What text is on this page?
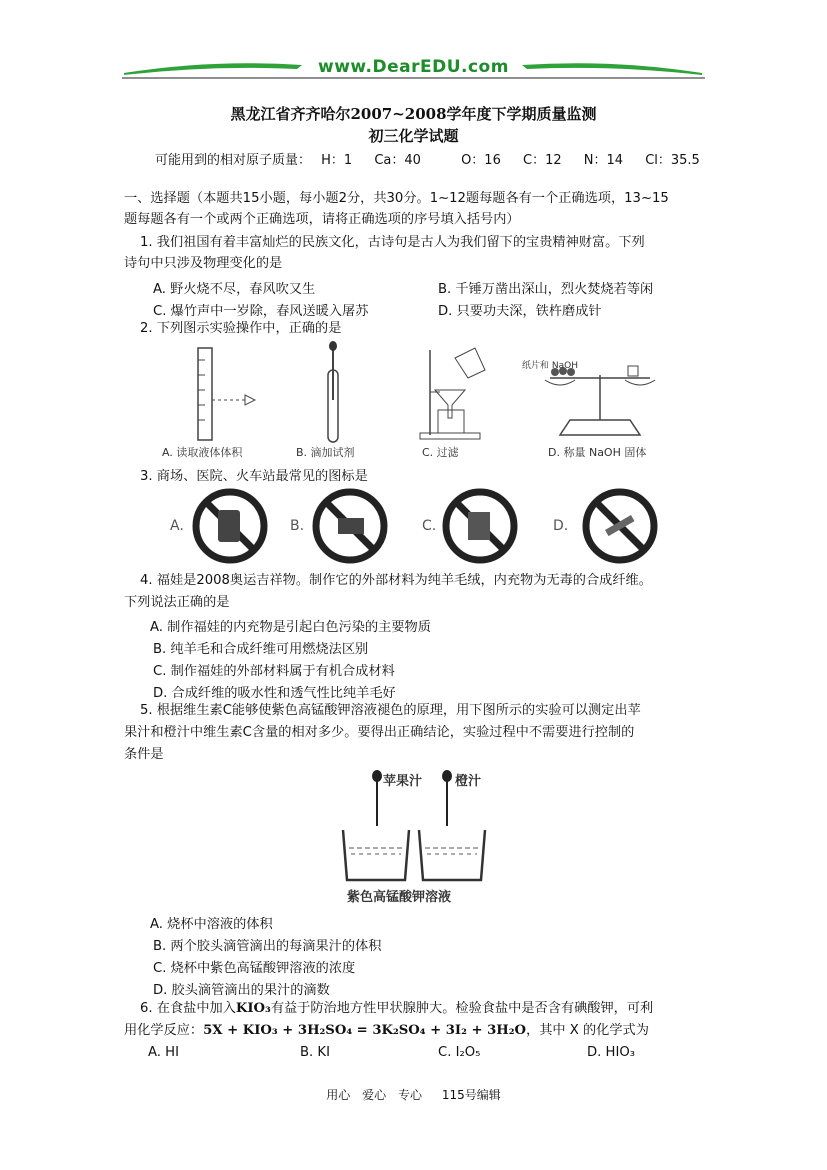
www.DearEDU.com
黑龙江省齐齐哈尔2007~2008学年度下学期质量监测
初三化学试题
可能用到的相对原子质量： H：1 Ca：40	O：16 C：12 N：14 Cl：35.5
一、选择题（本题共15小题，每小题2分，共30分。1~12题每题各有一个正确选项，13~15
题每题各有一个或两个正确选项，请将正确选项的序号填入括号内）
1. 我们祖国有着丰富灿烂的民族文化，古诗句是古人为我们留下的宝贵精神财富。下列
诗句中只涉及物理变化的是
A. 野火烧不尽，春风吹又生	B. 千锤万凿出深山，烈火焚烧若等闲
C. 爆竹声中一岁除，春风送暖入屠苏	D. 只要功夫深，铁杵磨成针
2. 下列图示实验操作中，正确的是
纸片和 NaOH
A. 读取液体体积	B. 滴加试剂	C. 过滤	D. 称量 NaOH 固体
3. 商场、医院、火车站最常见的图标是
A.	B.	C.	D.
4. 福娃是2008奥运吉祥物。制作它的外部材料为纯羊毛绒，内充物为无毒的合成纤维。
下列说法正确的是
A. 制作福娃的内充物是引起白色污染的主要物质
B. 纯羊毛和合成纤维可用燃烧法区别
C. 制作福娃的外部材料属于有机合成材料
D. 合成纤维的吸水性和透气性比纯羊毛好
5. 根据维生素C能够使紫色高锰酸钾溶液褪色的原理，用下图所示的实验可以测定出苹
果汁和橙汁中维生素C含量的相对多少。要得出正确结论，实验过程中不需要进行控制的
条件是
苹果汁	橙汁
紫色高锰酸钾溶液
A. 烧杯中溶液的体积
B. 两个胶头滴管滴出的每滴果汁的体积
C. 烧杯中紫色高锰酸钾溶液的浓度
D. 胶头滴管滴出的果汁的滴数
6. 在食盐中加入KIO₃有益于防治地方性甲状腺肿大。检验食盐中是否含有碘酸钾，可利
用化学反应：5X + KIO₃ + 3H₂SO₄ = 3K₂SO₄ + 3I₂ + 3H₂O，其中 X 的化学式为
A. HI	B. KI	C. I₂O₅	D. HIO₃
用心 爱心 专心 115号编辑
